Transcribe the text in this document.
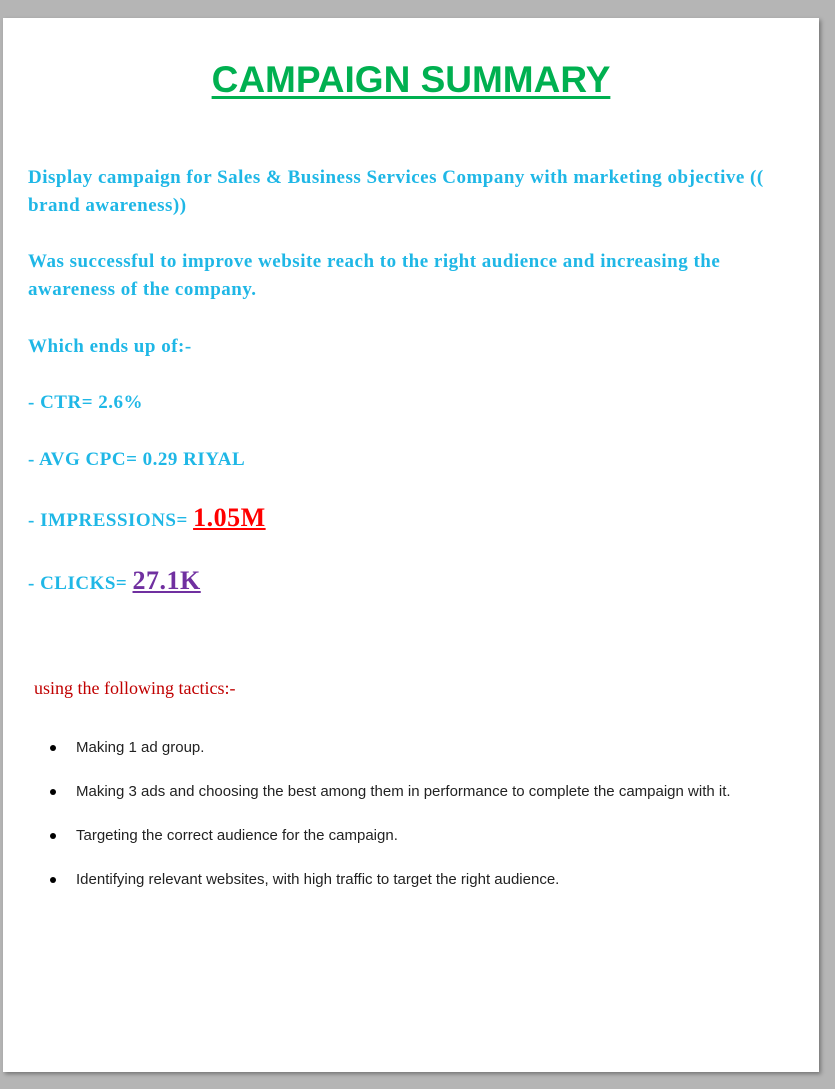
CAMPAIGN SUMMARY

Display campaign for Sales & Business Services Company with marketing objective (( brand awareness))

Was successful to improve website reach to the right audience and increasing the awareness of the company.

Which ends up of:-

- CTR= 2.6%

- AVG CPC= 0.29 RIYAL

- IMPRESSIONS= 1.05M

- CLICKS= 27.1K

using the following tactics:-

Making 1 ad group.
Making 3 ads and choosing the best among them in performance to complete the campaign with it.
Targeting the correct audience for the campaign.
Identifying relevant websites, with high traffic to target the right audience.
